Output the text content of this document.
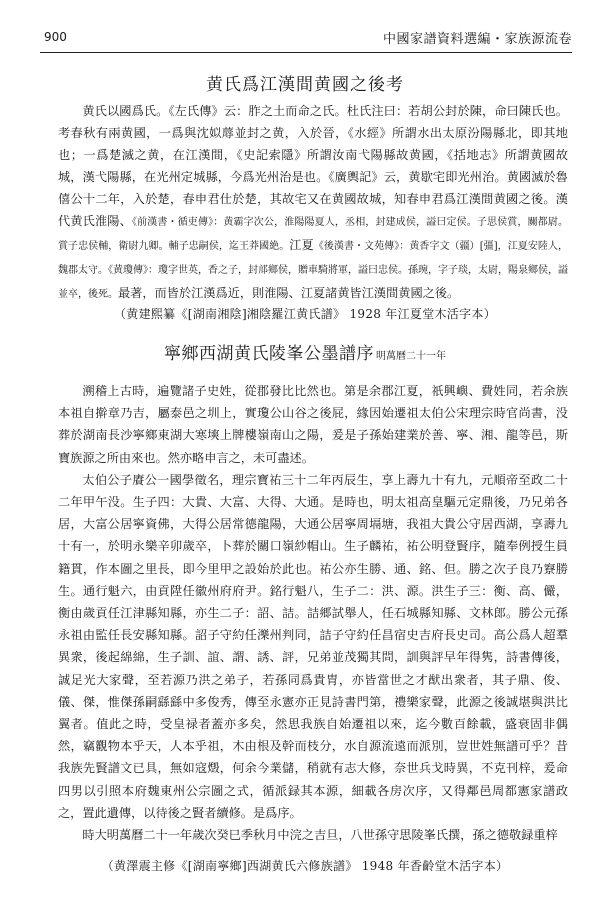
900	中國家譜資料選編・家族源流卷
黄氏爲江漢間黄國之後考

黄氏以國爲氏。《左氏傳》云：胙之土而命之氏。杜氏注曰：若胡公封於陳，命曰陳氏也。考春秋有兩黄國，一爲與沈姒蓐並封之黄，入於晉，《水經》所謂水出太原汾陽縣北，即其地也；一爲楚滅之黄，在江漢間，《史記索隱》所謂汝南弋陽縣故黄國，《括地志》所謂黄國故城，漢弋陽縣，在光州定城縣，今爲光州治是也。《廣輿記》云，黄歇宅即光州治。黄國滅於魯僖公十二年，入於楚，春申君仕於楚，其故宅又在黄國故城，知春申君爲江漢間黄國之後。漢代黄氏淮陽、《前漢書・循吏傳》：黄霸字次公，淮陽陽夏人，丞相，封建成侯，謚曰定侯。子思侯賞，關都尉。賞子忠侯輔，衛尉九卿。輔子忠嗣侯，迄王莽國絶。江夏《後漢書・文苑傳》：黄香字文（疆）[彊]，江夏安陸人，魏郡太守。《黄瓊傳》：瓊字世英，香之子，封邟鄉侯，贈車騎將軍，謚曰忠侯。孫琬，字子琰，太尉，陽泉鄉侯，謚並卒，後死。最著，而皆於江漢爲近，則淮陽、江夏諸黄皆江漢間黄國之後。

（黄建熙纂《[湖南湘陰]湘陰羅江黄氏譜》 1928 年江夏堂木活字本）
寧鄉西湖黄氏陵峯公墨譜序 明萬曆二十一年

溯稽上古時，遍覽諸子史姓，從郡發比比然也。第是余郡江夏，祇興嶼、費姓同，若余族本祖自擀章乃吉，屬泰邑之圳上，實瓊公山谷之後屁，緣因始遷祖太伯公宋理宗時官尚書，没葬於湖南長沙寧鄉東湖大寒塽上牌樓嶺南山之陽，爰是子孫始建業於善、寧、湘、龍等邑，斯寶族源之所由來也。然亦略申言之，未可盡述。

太伯公子賡公一國學徵名，理宗寶祐三十二年丙辰生，享上壽九十有九，元順帝至政二十二年甲午没。生子四：大貴、大富、大得、大通。是時也，明太祖高皇驅元定鼎後，乃兄弟各居，大富公居寧資佛，大得公居常德龍陽，大通公居寧周塥塘，我祖大貴公守居西湖，享壽九十有一，於明永樂辛卯歲卒，卜葬於關口嶺紗帽山。生子麟祐，祐公明登賢序，隨奉例授生員籍貫，作本圖之里長，即今里甲之設始於此也。祐公亦生勝、通、銘、但。勝之次子良乃竂勝生。通行魁六，由貢陞任徽州府府尹。銘行魁八，生子二：洪、源。洪生子三：衡、高、儼，衡由歲貢任江津縣知縣，亦生二子：詔、詰。詰郷試舉人，任石城縣知縣、文林郎。勝公元孫永祖由監任長安縣知縣。詔子守約任濼州判同，詰子守約任昌宿史吉府長史司。高公爲人超羣異衆，後起綿綿，生子訓、誼、謂、誘、評，兄弟並茂獨其問，訓與評早年得隽，詩書傳後，誠足光大家聲，至若源乃洪之弟子，若孫同爲貴胄，亦皆當世之才猷出衆者，其子鼎、俊、儀、傑，惟傑孫嗣繇繇中多俊秀，傳至永憲亦正見詩書門第，禮樂家聲，此源之後誠堪與洪比翼者。值此之時，受皇禄者蓋亦多矣，然思我族自始遷祖以來，迄今數百餘載，盛衰固非偶然，竊觀物本乎天，人本乎祖，木由根及幹而枝分，水自源流遠而派別，豈世姓無譜可乎？昔我族先賢譜文已具，無如寇燬，何余今業儲，稍就有志大修，奈世兵戈時異，不克刊梓，爰命四男以引照本府魏東州公宗圖之式，循派録其本源，細載各房次序，又得鄰邑周都憲家譜政之，置此遺傳，以待後之賢者續修。是爲序。

時大明萬曆二十一年歲次癸巳季秋月中浣之吉旦，八世孫守思陵峯氏撰，孫之德敬録重梓

（黄澤震主修《[湖南寧鄉]西湖黄氏六修族譜》 1948 年香齡堂木活字本）
